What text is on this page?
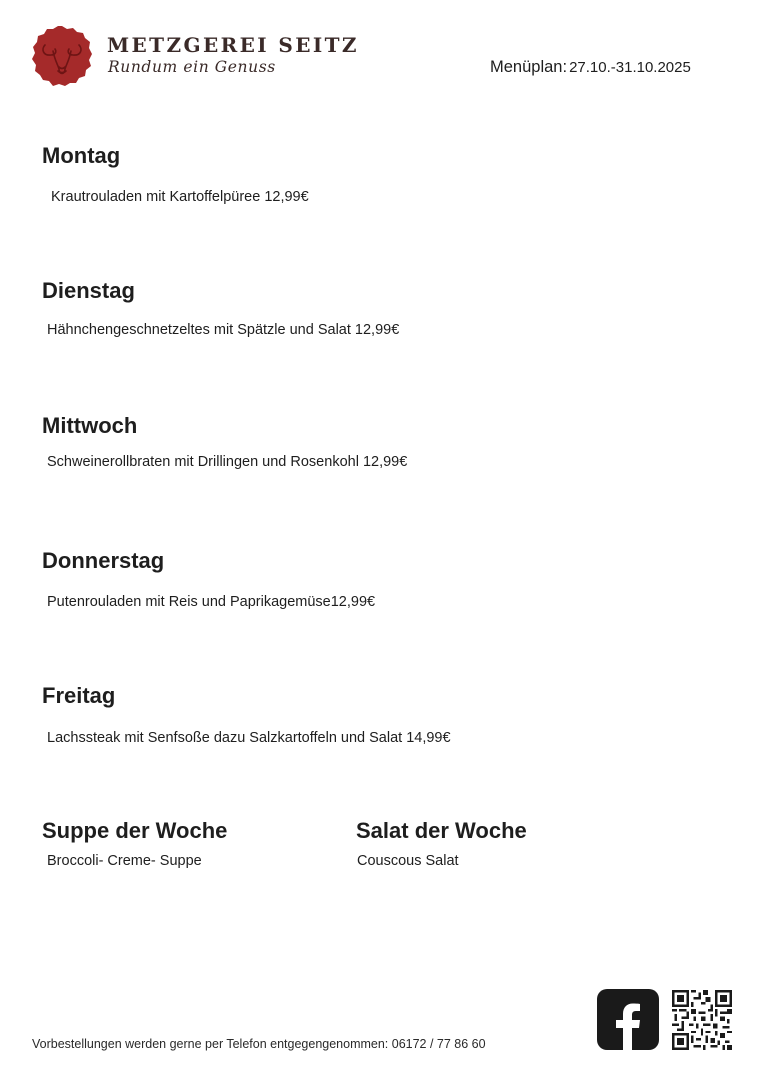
METZGEREI SEITZ
Rundum ein Genuss	Menüplan: 27.10.-31.10.2025
Montag
Krautrouladen mit Kartoffelpüree 12,99€
Dienstag
Hähnchengeschnetzeltes mit Spätzle und Salat 12,99€
Mittwoch
Schweinerollbraten mit Drillingen und Rosenkohl 12,99€
Donnerstag
Putenrouladen mit Reis und Paprikagemüse12,99€
Freitag
Lachssteak mit Senfsoße dazu Salzkartoffeln und Salat 14,99€
Suppe der Woche
Broccoli- Creme- Suppe
Salat der Woche
Couscous Salat
Vorbestellungen werden gerne per Telefon entgegengenommen: 06172 / 77 86 60
